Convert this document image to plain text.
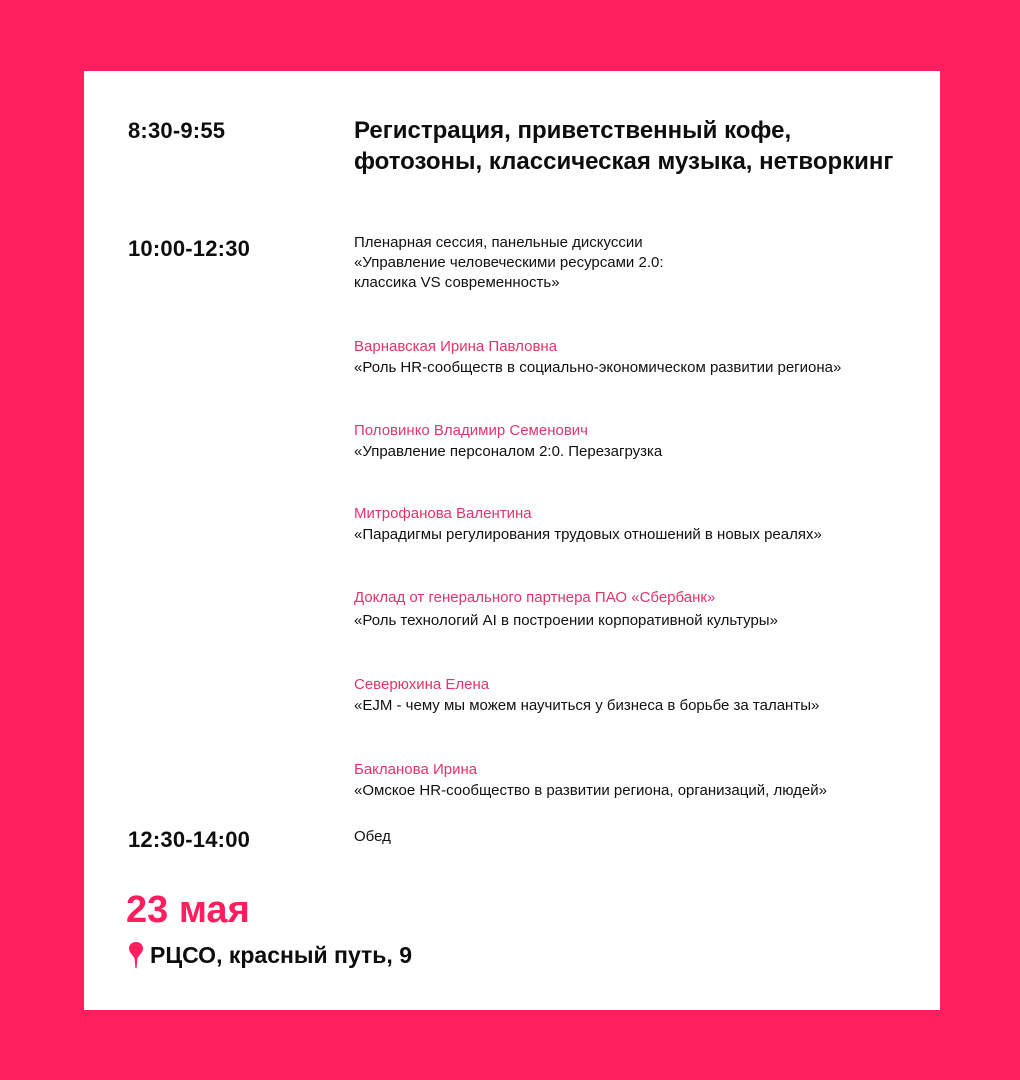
8:30-9:55	Регистрация, приветственный кофе, фотозоны, классическая музыка, нетворкинг
10:00-12:30	Пленарная сессия, панельные дискуссии
«Управление человеческими ресурсами 2.0:
классика VS современность»
Варнавская Ирина Павловна
«Роль HR-сообществ в социально-экономическом развитии региона»
Половинко Владимир Семенович
«Управление персоналом 2:0. Перезагрузка
Митрофанова Валентина
«Парадигмы регулирования трудовых отношений в новых реалях»
Доклад от генерального партнера ПАО «Сбербанк»
«Роль технологий AI в построении корпоративной культуры»
Северюхина Елена
«EJM - чему мы можем научиться у бизнеса в борьбе за таланты»
Бакланова Ирина
«Омское HR-сообщество в развитии региона, организаций, людей»
12:30-14:00	Обед
23 мая
РЦСО, красный путь, 9
